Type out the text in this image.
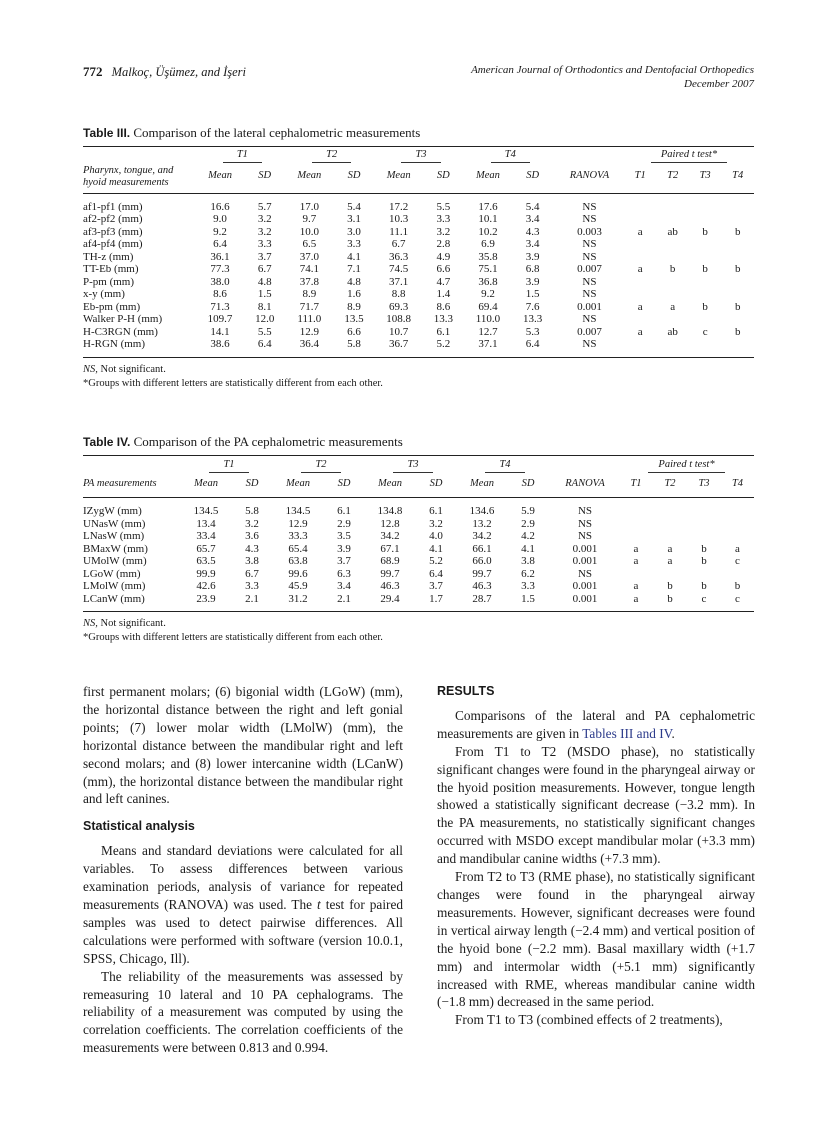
772 Malkoç, Üşümez, and İşeri	American Journal of Orthodontics and Dentofacial Orthopedics
December 2007
Table III. Comparison of the lateral cephalometric measurements
	T1		T2		T3		T4			Paired t test*			

Pharynx, tongue, and
hyoid measurements	Mean	SD	Mean	SD	Mean	SD	Mean	SD	RANOVA	T1	T2	T3	T4

af1-pf1 (mm)	16.6	5.7	17.0	5.4	17.2	5.5	17.6	5.4	NS				
af2-pf2 (mm)	9.0	3.2	9.7	3.1	10.3	3.3	10.1	3.4	NS				
af3-pf3 (mm)	9.2	3.2	10.0	3.0	11.1	3.2	10.2	4.3	0.003	a	ab	b	b
af4-pf4 (mm)	6.4	3.3	6.5	3.3	6.7	2.8	6.9	3.4	NS				
TH-z (mm)	36.1	3.7	37.0	4.1	36.3	4.9	35.8	3.9	NS				
TT-Eb (mm)	77.3	6.7	74.1	7.1	74.5	6.6	75.1	6.8	0.007	a	b	b	b
P-pm (mm)	38.0	4.8	37.8	4.8	37.1	4.7	36.8	3.9	NS				
x-y (mm)	8.6	1.5	8.9	1.6	8.8	1.4	9.2	1.5	NS				
Eb-pm (mm)	71.3	8.1	71.7	8.9	69.3	8.6	69.4	7.6	0.001	a	a	b	b
Walker P-H (mm)	109.7	12.0	111.0	13.5	108.8	13.3	110.0	13.3	NS				
H-C3RGN (mm)	14.1	5.5	12.9	6.6	10.7	6.1	12.7	5.3	0.007	a	ab	c	b
H-RGN (mm)	38.6	6.4	36.4	5.8	36.7	5.2	37.1	6.4	NS				
NS, Not significant.
*Groups with different letters are statistically different from each other.
Table IV. Comparison of the PA cephalometric measurements
	T1		T2		T3		T4			Paired t test*			
PA measurements	Mean	SD	Mean	SD	Mean	SD	Mean	SD	RANOVA	T1	T2	T3	T4

IZygW (mm)	134.5	5.8	134.5	6.1	134.8	6.1	134.6	5.9	NS				
UNasW (mm)	13.4	3.2	12.9	2.9	12.8	3.2	13.2	2.9	NS				
LNasW (mm)	33.4	3.6	33.3	3.5	34.2	4.0	34.2	4.2	NS				
BMaxW (mm)	65.7	4.3	65.4	3.9	67.1	4.1	66.1	4.1	0.001	a	a	b	a
UMolW (mm)	63.5	3.8	63.8	3.7	68.9	5.2	66.0	3.8	0.001	a	a	b	c
LGoW (mm)	99.9	6.7	99.6	6.3	99.7	6.4	99.7	6.2	NS				
LMolW (mm)	42.6	3.3	45.9	3.4	46.3	3.7	46.3	3.3	0.001	a	b	b	b
LCanW (mm)	23.9	2.1	31.2	2.1	29.4	1.7	28.7	1.5	0.001	a	b	c	c
NS, Not significant.
*Groups with different letters are statistically different from each other.

first permanent molars; (6) bigonial width (LGoW) (mm), the horizontal distance between the right and left gonial points; (7) lower molar width (LMolW) (mm), the horizontal distance between the mandibular right and left second molars; and (8) lower intercanine width (LCanW) (mm), the horizontal distance between the mandibular right and left canines.

Statistical analysis

Means and standard deviations were calculated for all variables. To assess differences between various examination periods, analysis of variance for repeated measurements (RANOVA) was used. The t test for paired samples was used to detect pairwise differences. All calculations were performed with software (version 10.0.1, SPSS, Chicago, Ill).

The reliability of the measurements was assessed by remeasuring 10 lateral and 10 PA cephalograms. The reliability of a measurement was computed by using the correlation coefficients. The correlation coefficients of the measurements were between 0.813 and 0.994.

RESULTS

Comparisons of the lateral and PA cephalometric measurements are given in Tables III and IV.

From T1 to T2 (MSDO phase), no statistically significant changes were found in the pharyngeal airway or the hyoid position measurements. However, tongue length showed a statistically significant decrease (−3.2 mm). In the PA measurements, no statistically significant changes occurred with MSDO except mandibular molar (+3.3 mm) and mandibular canine widths (+7.3 mm).

From T2 to T3 (RME phase), no statistically significant changes were found in the pharyngeal airway measurements. However, significant decreases were found in vertical airway length (−2.4 mm) and vertical position of the hyoid bone (−2.2 mm). Basal maxillary width (+1.7 mm) and intermolar width (+5.1 mm) significantly increased with RME, whereas mandibular canine width (−1.8 mm) decreased in the same period.

From T1 to T3 (combined effects of 2 treatments),
